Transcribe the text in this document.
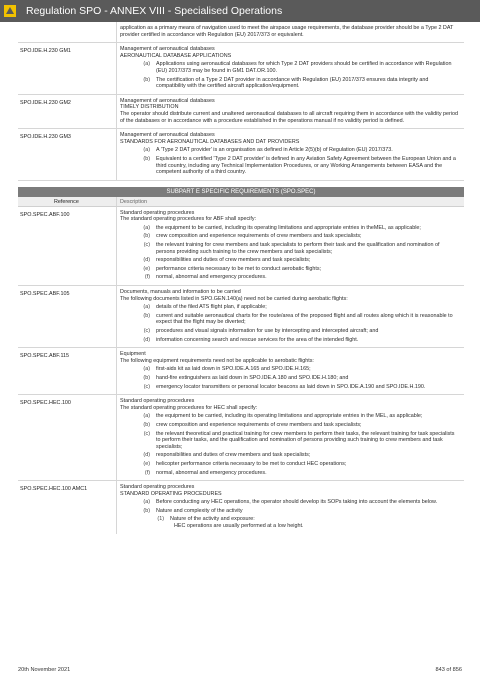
Regulation SPO - ANNEX VIII - Specialised Operations

application as a primary means of navigation used to meet the airspace usage requirements, the database provider should be a Type 2 DAT provider certified in accordance with Regulation (EU) 2017/373 or equivalent.

SPO.IDE.H.230 GM1	Management of aeronautical databases

AERONAUTICAL DATABASE APPLICATIONS

(a)	Applications using aeronautical databases for which Type 2 DAT providers should be certified in accordance with Regulation (EU) 2017/373 may be found in GM1 DAT.OR.100.
(b)	The certification of a Type 2 DAT provider in accordance with Regulation (EU) 2017/373 ensures data integrity and compatibility with the certified aircraft application/equipment.
SPO.IDE.H.230 GM2	Management of aeronautical databases

TIMELY DISTRIBUTION

The operator should distribute current and unaltered aeronautical databases to all aircraft requiring them in accordance with the validity period of the databases or in accordance with a procedure established in the operations manual if no validity period is defined.

SPO.IDE.H.230 GM3	Management of aeronautical databases

STANDARDS FOR AERONAUTICAL DATABASES AND DAT PROVIDERS

(a)	A 'Type 2 DAT provider' is an organisation as defined in Article 2(5)(b) of Regulation (EU) 2017/373.
(b)	Equivalent to a certified 'Type 2 DAT provider' is defined in any Aviation Safety Agreement between the European Union and a third country, including any Technical Implementation Procedures, or any Working Arrangements between EASA and the competent authority of a third country.
SUBPART E SPECIFIC REQUIREMENTS (SPO.SPEC)
Reference	Description
SPO.SPEC.ABF.100	Standard operating procedures

The standard operating procedures for ABF shall specify:

(a)	the equipment to be carried, including its operating limitations and appropriate entries in theMEL, as applicable;
(b)	crew composition and experience requirements of crew members and task specialists;
(c)	the relevant training for crew members and task specialists to perform their task and the qualification and nomination of persons providing such training to the crew members and task specialists;
(d)	responsibilities and duties of crew members and task specialists;
(e)	performance criteria necessary to be met to conduct aerobatic flights;
(f)	normal, abnormal and emergency procedures.
SPO.SPEC.ABF.105	Documents, manuals and information to be carried

The following documents listed in SPO.GEN.140(a) need not be carried during aerobatic flights:

(a)	details of the filed ATS flight plan, if applicable;
(b)	current and suitable aeronautical charts for the route/area of the proposed flight and all routes along which it is reasonable to expect that the flight may be diverted;
(c)	procedures and visual signals information for use by intercepting and intercepted aircraft; and
(d)	information concerning search and rescue services for the area of the intended flight.
SPO.SPEC.ABF.115	Equipment

The following equipment requirements need not be applicable to aerobatic flights:

(a)	first-aids kit as laid down in SPO.IDE.A.165 and SPO.IDE.H.165;
(b)	hand-fire extinguishers as laid down in SPO.IDE.A.180 and SPO.IDE.H.180; and
(c)	emergency locator transmitters or personal locator beacons as laid down in SPO.IDE.A.190 and SPO.IDE.H.190.
SPO.SPEC.HEC.100	Standard operating procedures

The standard operating procedures for HEC shall specify:

(a)	the equipment to be carried, including its operating limitations and appropriate entries in the MEL, as applicable;
(b)	crew composition and experience requirements of crew members and task specialists;
(c)	the relevant theoretical and practical training for crew members to perform their tasks, the relevant training for task specialists to perform their tasks, and the qualification and nomination of persons providing such training to crew members and task specialists;
(d)	responsibilities and duties of crew members and task specialists;
(e)	helicopter performance criteria necessary to be met to conduct HEC operations;
(f)	normal, abnormal and emergency procedures.
SPO.SPEC.HEC.100 AMC1	Standard operating procedures

STANDARD OPERATING PROCEDURES

(a)	Before conducting any HEC operations, the operator should develop its SOPs taking into account the elements below.
(b)	Nature and complexity of the activity
(1)	Nature of the activity and exposure:

HEC operations are usually performed at a low height.

20th November 2021	843 of 856
